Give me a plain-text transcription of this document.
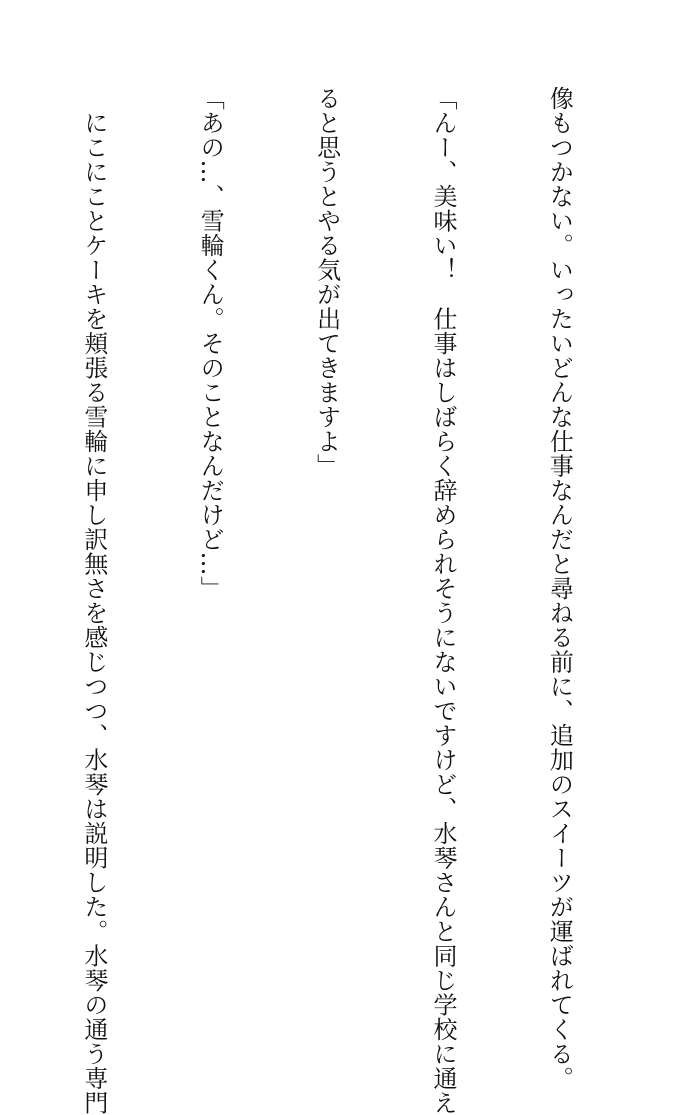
像もつかない。いったいどんな仕事なんだと尋ねる前に、追加のスイーツが運ばれてくる。

「んー、美味い！　仕事はしばらく辞められそうにないですけど、水琴さんと同じ学校に通え

ると思うとやる気が出てきますよ」

「あの…、雪輪くん。そのことなんだけど…」

　にこにことケーキを頬張る雪輪に申し訳無さを感じつつ、水琴は説明した。水琴の通う専門
